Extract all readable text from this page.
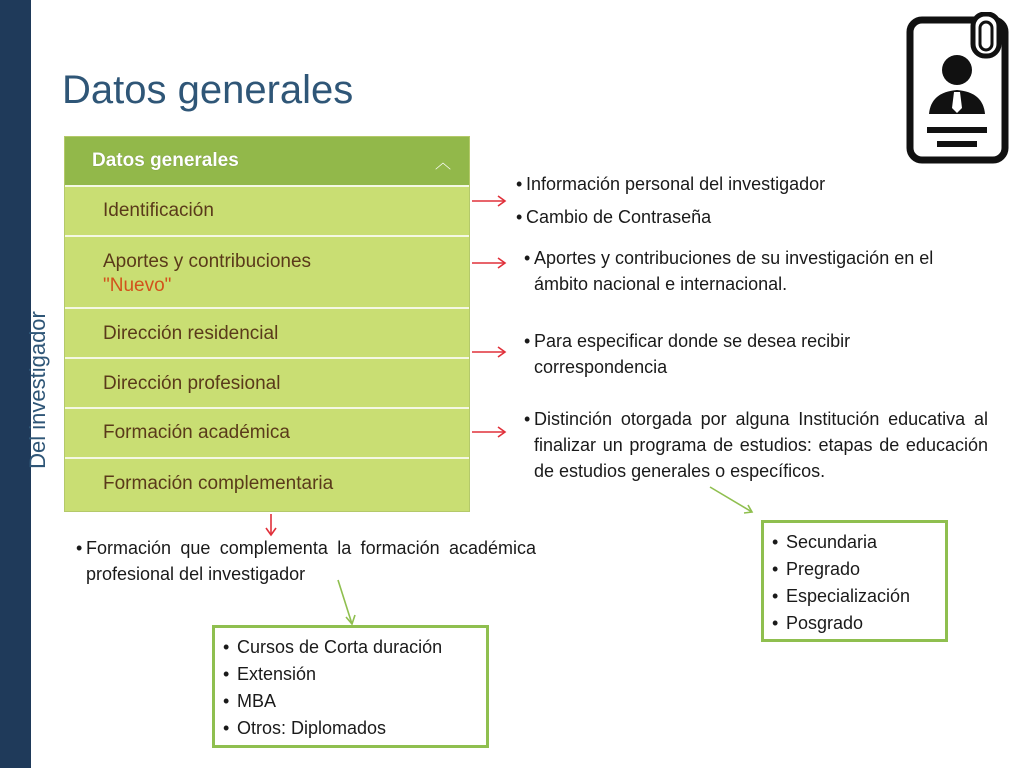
Del investigador
Datos generales
Datos generales	︿
Identificación
Aportes y contribuciones
"Nuevo"
Dirección residencial
Dirección profesional
Formación académica
Formación complementaria
• Información personal del investigador
• Cambio de Contraseña
• Aportes y contribuciones de su investigación en el ámbito nacional e internacional.
• Para especificar donde se desea recibir correspondencia
• Distinción otorgada por alguna Institución educativa al finalizar un programa de estudios: etapas de educación de estudios generales o específicos.
• Formación que complementa la formación académica profesional del investigador
• Secundaria
• Pregrado
• Especialización
• Posgrado
• Cursos de Corta duración
• Extensión
• MBA
• Otros: Diplomados
